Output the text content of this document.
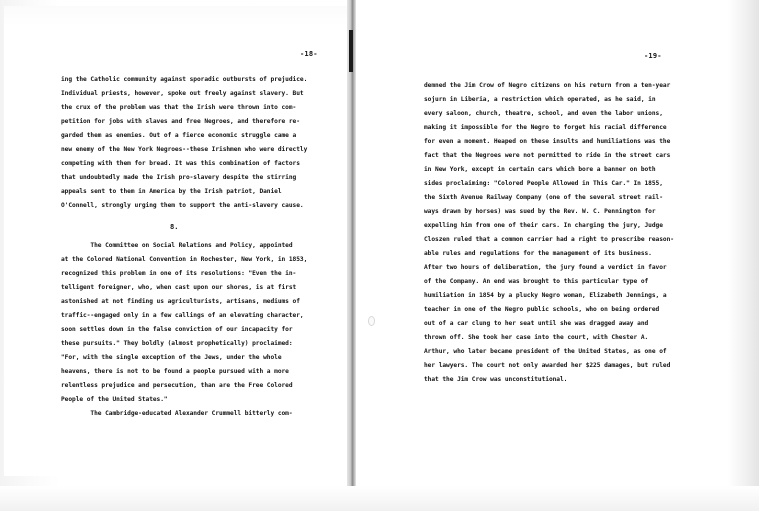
-18-	-19-
ing the Catholic community against sporadic outbursts of prejudice.
Individual priests, however, spoke out freely against slavery. But
the crux of the problem was that the Irish were thrown into com-
petition for jobs with slaves and free Negroes, and therefore re-
garded them as enemies. Out of a fierce economic struggle came a
new enemy of the New York Negroes--these Irishmen who were directly
competing with them for bread. It was this combination of factors
that undoubtedly made the Irish pro-slavery despite the stirring
appeals sent to them in America by the Irish patriot, Daniel
O'Connell, strongly urging them to support the anti-slavery cause.
8.
The Committee on Social Relations and Policy, appointed
at the Colored National Convention in Rochester, New York, in 1853,
recognized this problem in one of its resolutions: "Even the in-
telligent foreigner, who, when cast upon our shores, is at first
astonished at not finding us agriculturists, artisans, mediums of
traffic--engaged only in a few callings of an elevating character,
soon settles down in the false conviction of our incapacity for
these pursuits." They boldly (almost prophetically) proclaimed:
"For, with the single exception of the Jews, under the whole
heavens, there is not to be found a people pursued with a more
relentless prejudice and persecution, than are the Free Colored
People of the United States."
The Cambridge-educated Alexander Crummell bitterly com-
demned the Jim Crow of Negro citizens on his return from a ten-year
sojurn in Liberia, a restriction which operated, as he said, in
every saloon, church, theatre, school, and even the labor unions,
making it impossible for the Negro to forget his racial difference
for even a moment. Heaped on these insults and humiliations was the
fact that the Negroes were not permitted to ride in the street cars
in New York, except in certain cars which bore a banner on both
sides proclaiming: "Colored People Allowed in This Car." In 1855,
the Sixth Avenue Railway Company (one of the several street rail-
ways drawn by horses) was sued by the Rev. W. C. Pennington for
expelling him from one of their cars. In charging the jury, Judge
Closzen ruled that a common carrier had a right to prescribe reason-
able rules and regulations for the management of its business.
After two hours of deliberation, the jury found a verdict in favor
of the Company. An end was brought to this particular type of
humiliation in 1854 by a plucky Negro woman, Elizabeth Jennings, a
teacher in one of the Negro public schools, who on being ordered
out of a car clung to her seat until she was dragged away and
thrown off. She took her case into the court, with Chester A.
Arthur, who later became president of the United States, as one of
her lawyers. The court not only awarded her $225 damages, but ruled
that the Jim Crow was unconstitutional.
